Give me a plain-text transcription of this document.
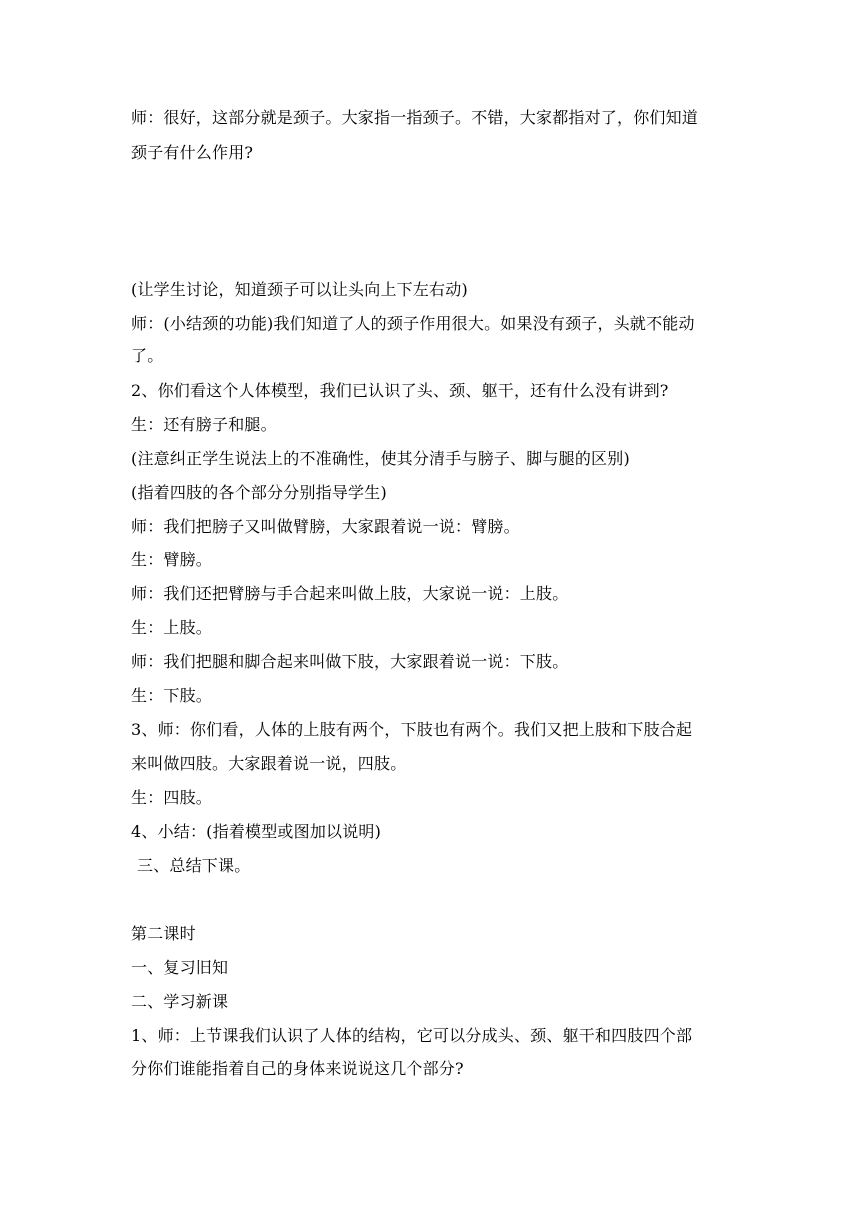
师：很好，这部分就是颈子。大家指一指颈子。不错，大家都指对了，你们知道
颈子有什么作用?
(让学生讨论，知道颈子可以让头向上下左右动)
师：(小结颈的功能)我们知道了人的颈子作用很大。如果没有颈子，头就不能动
了。
2、你们看这个人体模型，我们已认识了头、颈、躯干，还有什么没有讲到?
生：还有膀子和腿。
(注意纠正学生说法上的不准确性，使其分清手与膀子、脚与腿的区别)
(指着四肢的各个部分分别指导学生)
师：我们把膀子又叫做臂膀，大家跟着说一说：臂膀。
生：臂膀。
师：我们还把臂膀与手合起来叫做上肢，大家说一说：上肢。
生：上肢。
师：我们把腿和脚合起来叫做下肢，大家跟着说一说：下肢。
生：下肢。
3、师：你们看，人体的上肢有两个，下肢也有两个。我们又把上肢和下肢合起
来叫做四肢。大家跟着说一说，四肢。
生：四肢。
4、小结：(指着模型或图加以说明)
三、总结下课。
第二课时
一、复习旧知
二、学习新课
1、师：上节课我们认识了人体的结构，它可以分成头、颈、躯干和四肢四个部
分你们谁能指着自己的身体来说说这几个部分?
